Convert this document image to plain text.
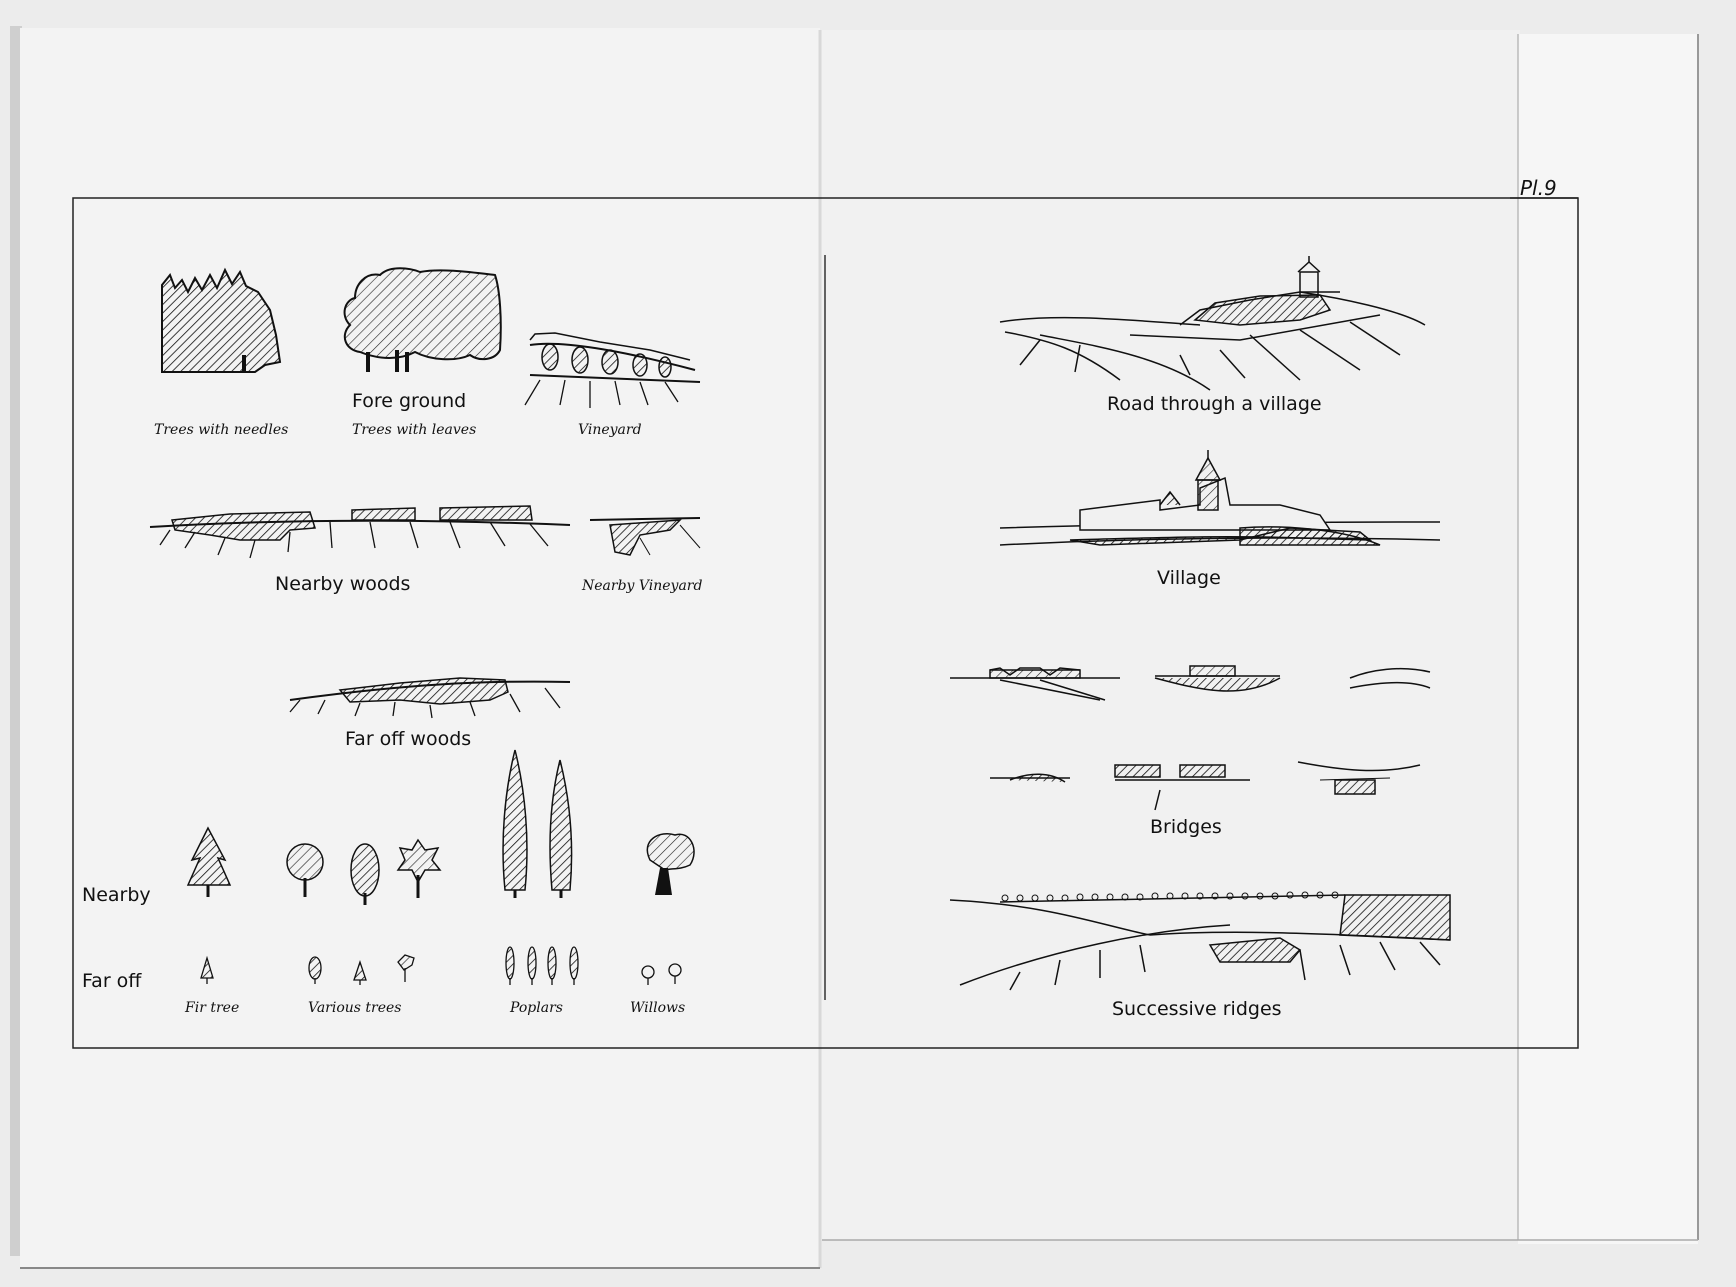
Pl.9
Fore ground
Trees with needles	Trees with leaves	Vineyard
Nearby woods	Nearby Vineyard
Far off woods
Nearby
Far off
Fir tree	Various trees	Poplars	Willows
Road through a village
Village
Bridges
Successive ridges
